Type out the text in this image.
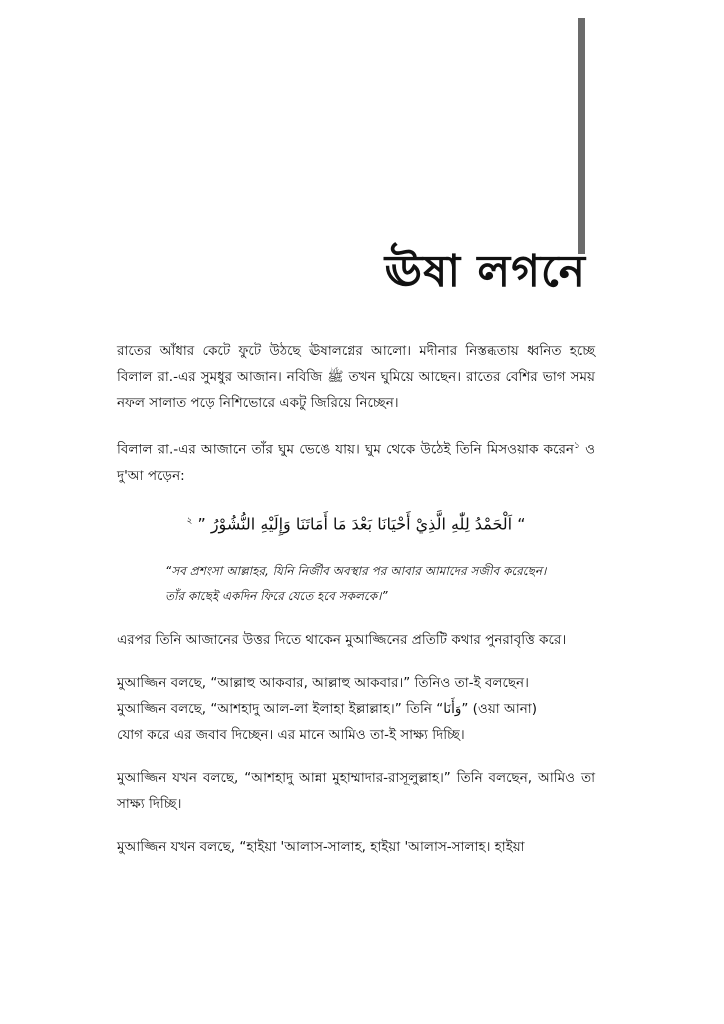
ঊষা লগনে

রাতের আঁধার কেটে ফুটে উঠছে ঊষালগ্নের আলো। মদীনার নিস্তব্ধতায় ধ্বনিত হচ্ছে বিলাল রা.-এর সুমধুর আজান। নবিজি ﷺ তখন ঘুমিয়ে আছেন। রাতের বেশির ভাগ সময় নফল সালাত পড়ে নিশিভোরে একটু জিরিয়ে নিচ্ছেন।

বিলাল রা.-এর আজানে তাঁর ঘুম ভেঙে যায়। ঘুম থেকে উঠেই তিনি মিসওয়াক করেন$^১$ ও দু'আ পড়েন:

“ اَلْحَمْدُ لِلّٰهِ الَّذِيْ أَحْيَانَا بَعْدَ مَا أَمَاتَنَا وَإِلَيْهِ النُّشُوْرُ ” $^২$
“সব প্রশংসা আল্লাহর, যিনি নির্জীব অবস্থার পর আবার আমাদের সজীব করেছেন।
তাঁর কাছেই একদিন ফিরে যেতে হবে সকলকে।”

এরপর তিনি আজানের উত্তর দিতে থাকেন মুআজ্জিনের প্রতিটি কথার পুনরাবৃত্তি করে।

মুআজ্জিন বলছে, “আল্লাহু আকবার, আল্লাহু আকবার।” তিনিও তা-ই বলছেন।
মুআজ্জিন বলছে, “আশহাদু আল-লা ইলাহা ইল্লাল্লাহ।” তিনি “وَأَنَا” (ওয়া আনা)
যোগ করে এর জবাব দিচ্ছেন। এর মানে আমিও তা-ই সাক্ষ্য দিচ্ছি।

মুআজ্জিন যখন বলছে, “আশহাদু আন্না মুহাম্মাদার-রাসূলুল্লাহ।” তিনি বলছেন, আমিও তা সাক্ষ্য দিচ্ছি।

মুআজ্জিন যখন বলছে, “হাইয়া 'আলাস-সালাহ, হাইয়া 'আলাস-সালাহ। হাইয়া
